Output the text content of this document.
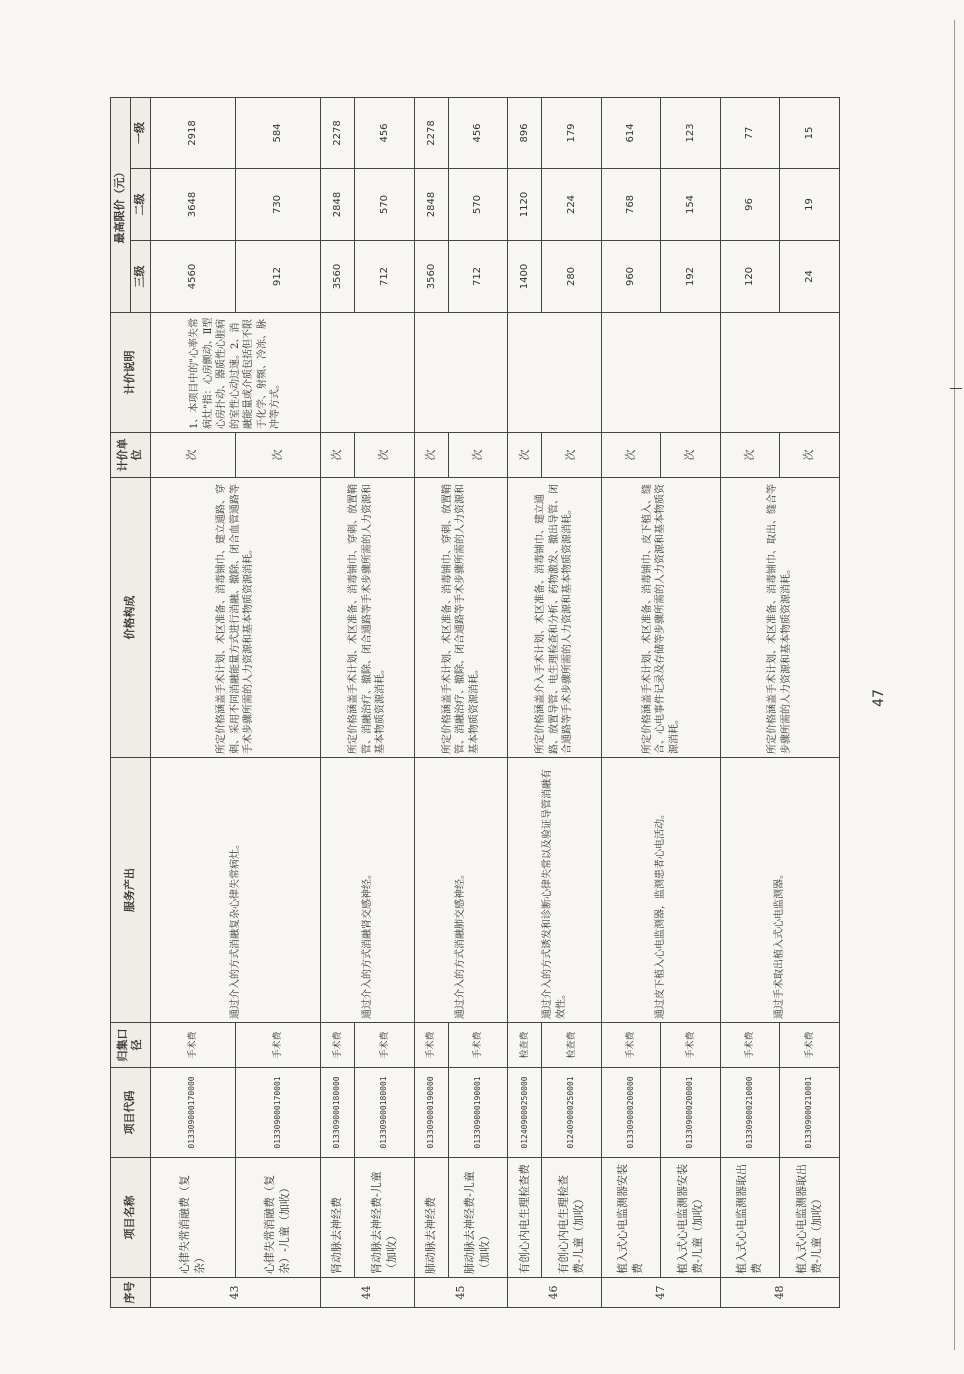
47
序号	项目名称	项目代码	归集口径	服务产出	价格构成	计价单位	计价说明	最高限价（元）		
								三级	二级	一级
43	心律失常消融费（复杂）	013309000170000	手术费	通过介入的方式消融复杂心律失常病灶。	所定价格涵盖手术计划、术区准备、消毒铺巾、建立通路、穿刺、采用不同消融能量方式进行消融、撤除、闭合血管通路等手术步骤所需的人力资源和基本物质资源消耗。	次	1、本项目中的"心率失常病灶"指：心房颤动、Ⅱ型心房扑动、器质性心脏病的室性心动过速。2、消融能量或介质包括但不限于化学、射频、冷冻、脉冲等方式。	4560	3648	2918
	心律失常消融费（复杂）-儿童（加收）	013309000170001	手术费			次		912	730	584
44	肾动脉去神经费	013309000180000	手术费	通过介入的方式消融肾交感神经。	所定价格涵盖手术计划、术区准备、消毒铺巾、穿刺、放置鞘管、消融治疗、撤除、闭合通路等手术步骤所需的人力资源和基本物质资源消耗。	次		3560	2848	2278
	肾动脉去神经费-儿童（加收）	013309000180001	手术费			次		712	570	456
45	肺动脉去神经费	013309000190000	手术费	通过介入的方式消融肺交感神经。	所定价格涵盖手术计划、术区准备、消毒铺巾、穿刺、放置鞘管、消融治疗、撤除、闭合通路等手术步骤所需的人力资源和基本物质资源消耗。	次		3560	2848	2278
	肺动脉去神经费-儿童（加收）	013309000190001	手术费			次		712	570	456
46	有创心内电生理检查费	012409000250000	检查费	通过介入的方式诱发和诊断心律失常以及验证导管消融有效性。	所定价格涵盖介入手术计划、术区准备、消毒铺巾、建立通路、放置导管、电生理检查和分析、药物激发、撤出导管、闭合通路等手术步骤所需的人力资源和基本物质资源消耗。	次		1400	1120	896
	有创心内电生理检查费-儿童（加收）	012409000250001	检查费			次		280	224	179
47	植入式心电监测器安装费	013309000200000	手术费	通过皮下植入心电监测器，监测患者心电活动。	所定价格涵盖手术计划、术区准备、消毒铺巾、皮下植入、缝合、心电事件记录及存储等步骤所需的人力资源和基本物质资源消耗。	次		960	768	614
	植入式心电监测器安装费-儿童（加收）	013309000200001	手术费			次		192	154	123
48	植入式心电监测器取出费	013309000210000	手术费	通过手术取出植入式心电监测器。	所定价格涵盖手术计划、术区准备、消毒铺巾、取出、缝合等步骤所需的人力资源和基本物质资源消耗。	次		120	96	77
	植入式心电监测器取出费-儿童（加收）	013309000210001	手术费			次		24	19	15
